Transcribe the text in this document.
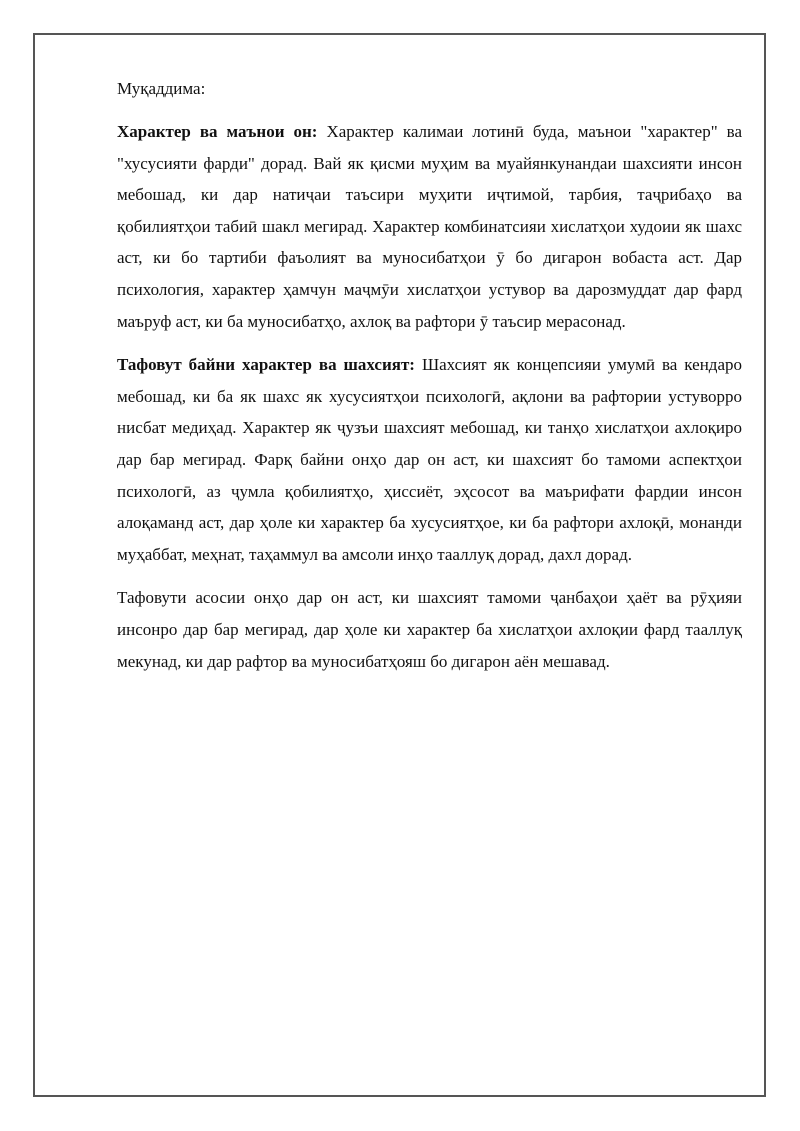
Муқаддима:

Характер ва маънои он: Характер калимаи лотинӣ буда, маънои "характер" ва "хусусияти фарди" дорад. Вай як қисми муҳим ва муайянкунандаи шахсияти инсон мебошад, ки дар натиҷаи таъсири муҳити иҷтимой, тарбия, таҷрибаҳо ва қобилиятҳои табиӣ шакл мегирад. Характер комбинатсияи хислатҳои худоии як шахс аст, ки бо тартиби фаъолият ва муносибатҳои ӯ бо дигарон вобаста аст. Дар психология, характер ҳамчун маҷмӯи хислатҳои устувор ва дарозмуддат дар фард маъруф аст, ки ба муносибатҳо, ахлоқ ва рафтори ӯ таъсир мерасонад.

Тафовут байни характер ва шахсият: Шахсият як концепсияи умумӣ ва кендаро мебошад, ки ба як шахс як хусусиятҳои психологӣ, ақлони ва рафтории устуворро нисбат медиҳад. Характер як ҷузъи шахсият мебошад, ки танҳо хислатҳои ахлоқиро дар бар мегирад. Фарқ байни онҳо дар он аст, ки шахсият бо тамоми аспектҳои психологӣ, аз ҷумла қобилиятҳо, ҳиссиёт, эҳсосот ва маърифати фардии инсон алоқаманд аст, дар ҳоле ки характер ба хусусиятҳое, ки ба рафтори ахлоқӣ, монанди муҳаббат, меҳнат, таҳаммул ва амсоли инҳо тааллуқ дорад, дахл дорад.

Тафовути асосии онҳо дар он аст, ки шахсият тамоми ҷанбаҳои ҳаёт ва рӯҳияи инсонро дар бар мегирад, дар ҳоле ки характер ба хислатҳои ахлоқии фард тааллуқ мекунад, ки дар рафтор ва муносибатҳояш бо дигарон аён мешавад.
